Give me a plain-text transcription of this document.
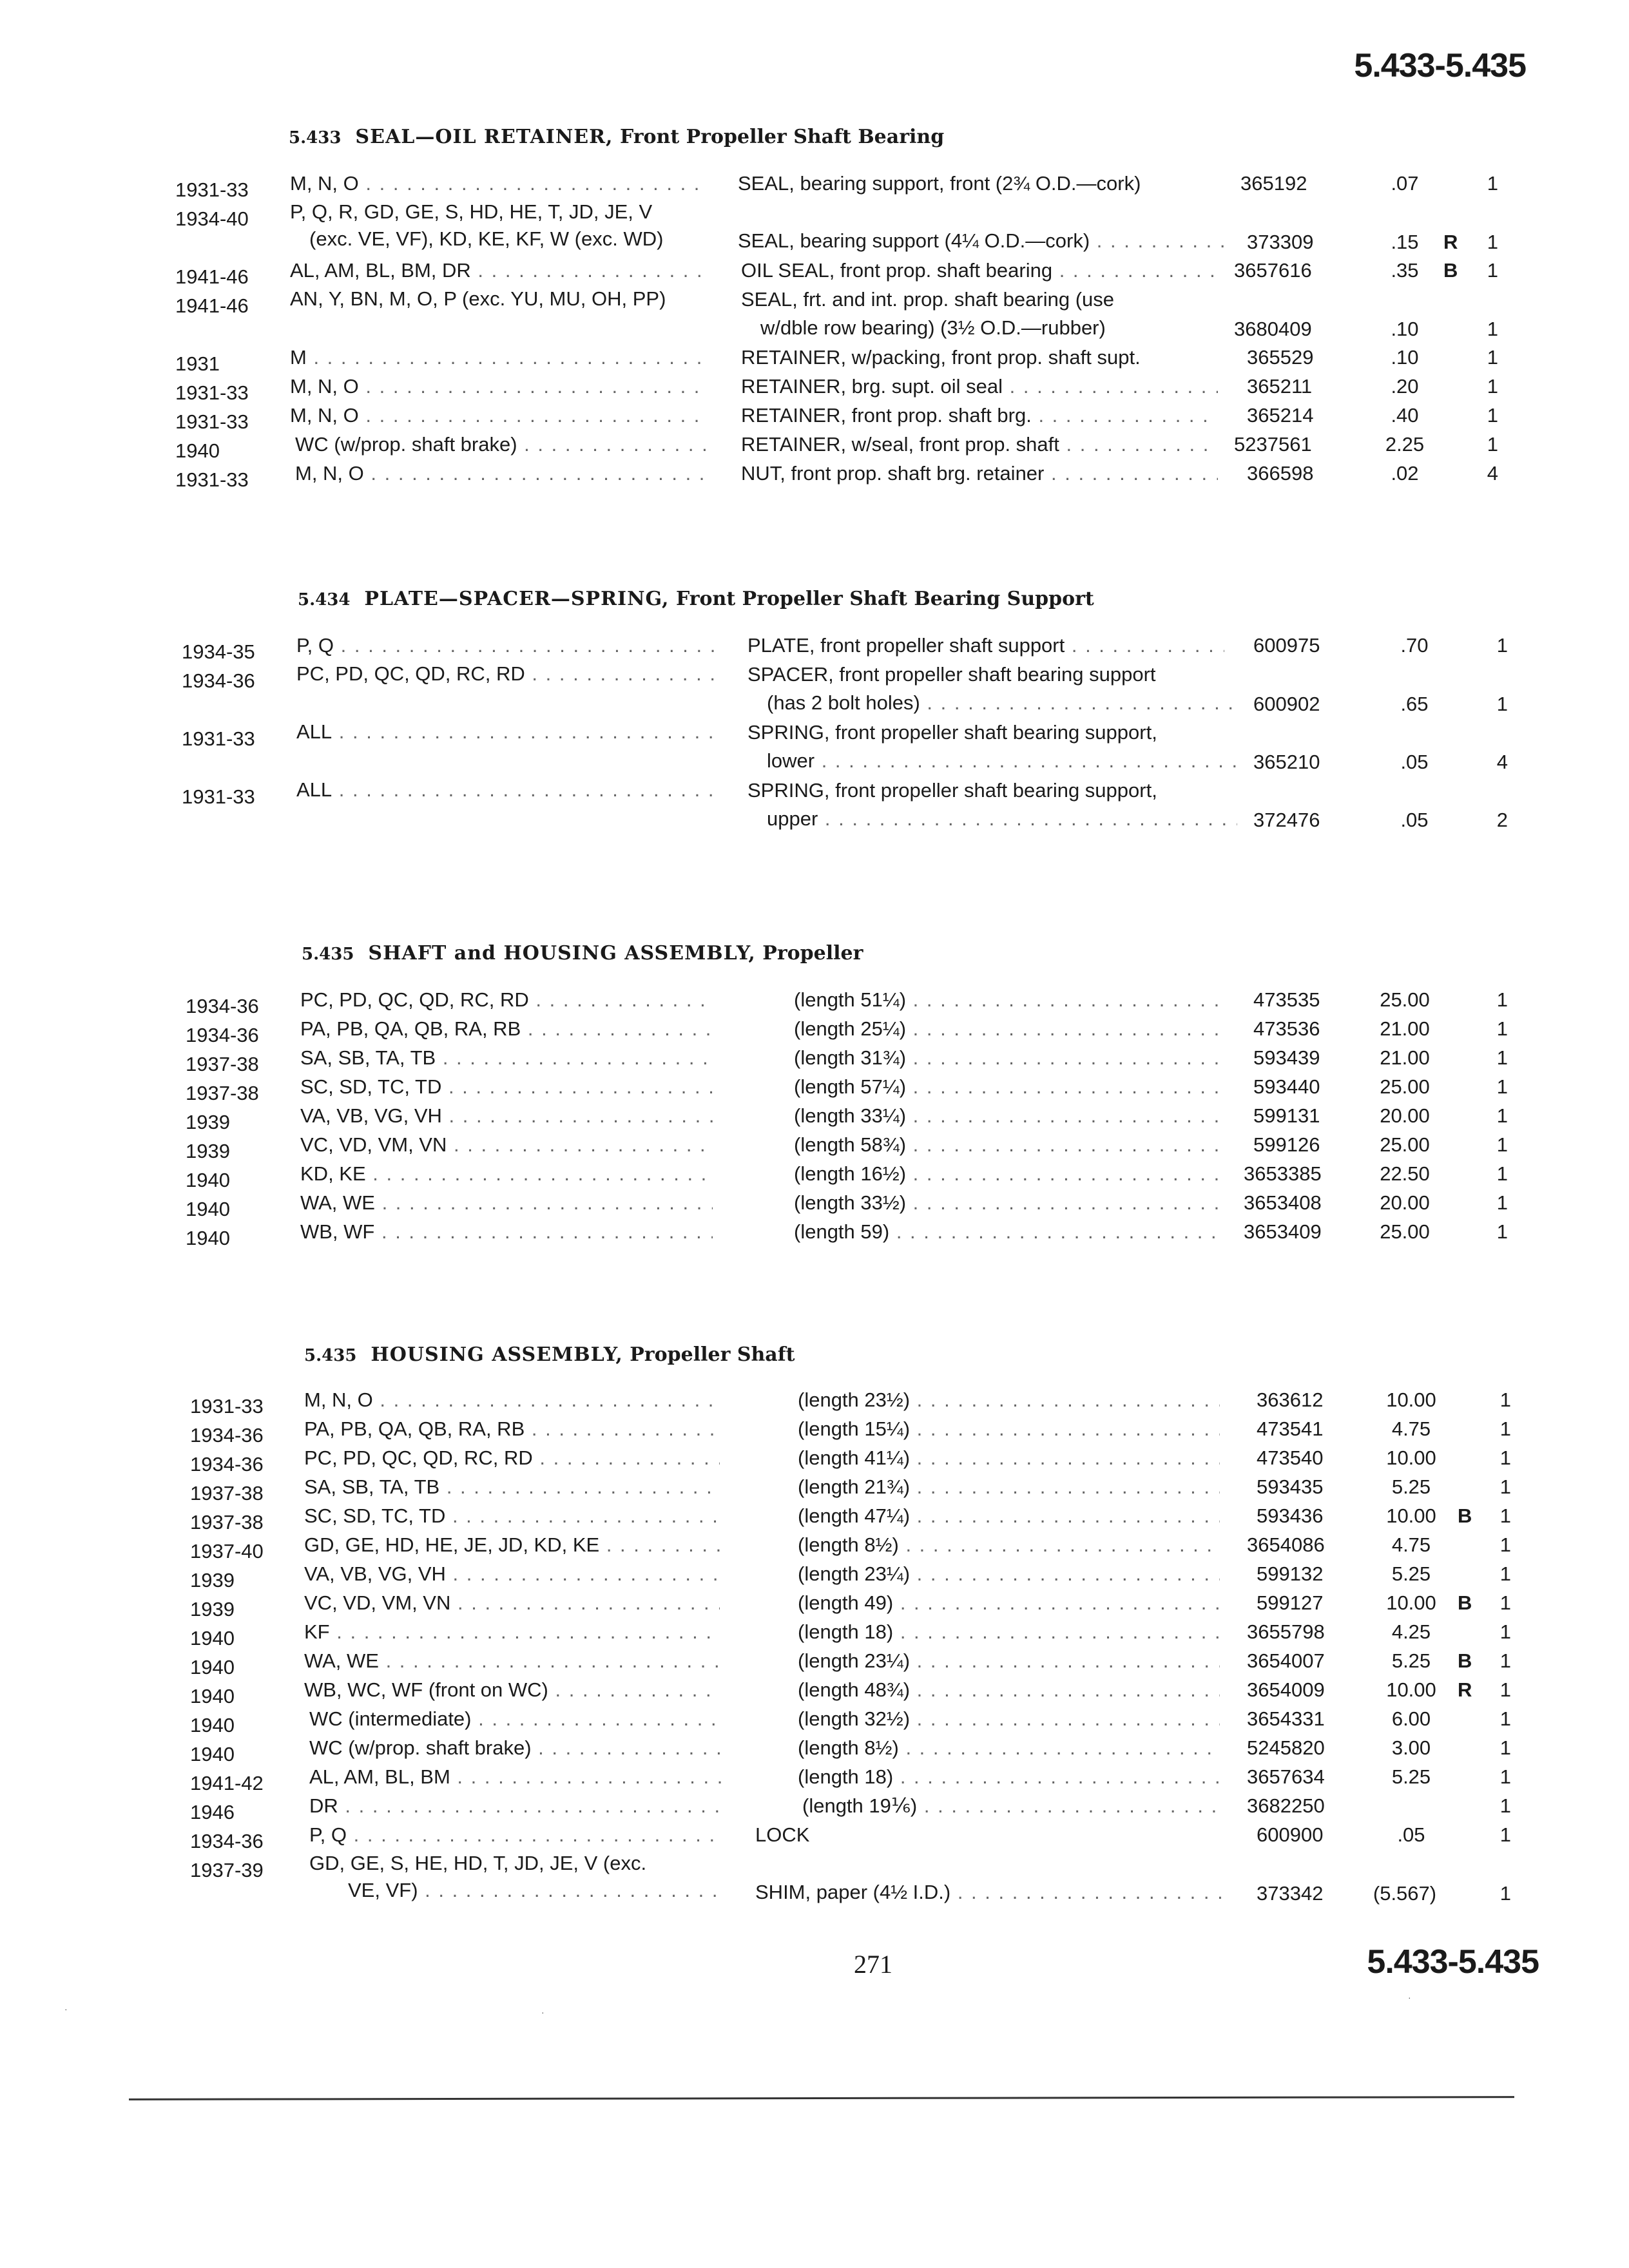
5.433-5.435
5.433 SEAL—OIL RETAINER, Front Propeller Shaft Bearing
1931-33 M, N, O . . .	SEAL, bearing support, front (2¾ O.D.—cork)	365192	.07	1
1934-40 P, Q, R, GD, GE, S, HD, HE, T, JD, JE, V
(exc. VE, VF), KD, KE, KF, W (exc. WD)	SEAL, bearing support (4¼ O.D.—cork) . . .	373309	.15	R	1
1941-46 AL, AM, BL, BM, DR . . .	OIL SEAL, front prop. shaft bearing . . .	3657616	.35	B	1
1941-46 AN, Y, BN, M, O, P (exc. YU, MU, OH, PP)	SEAL, frt. and int. prop. shaft bearing (use
w/dble row bearing) (3½ O.D.—rubber)	3680409	.10	1
1931	M . . .	RETAINER, w/packing, front prop. shaft supt.	365529	.10	1
1931-33 M, N, O . . .	RETAINER, brg. supt. oil seal . . .	365211	.20	1
1931-33 M, N, O . . .	RETAINER, front prop. shaft brg. . . .	365214	.40	1
1940	WC (w/prop. shaft brake) . . .	RETAINER, w/seal, front prop. shaft . . .	5237561	2.25	1
1931-33 M, N, O . . .	NUT, front prop. shaft brg. retainer . . .	366598	.02	4
5.434 PLATE—SPACER—SPRING, Front Propeller Shaft Bearing Support
1934-35 P, Q . . .	PLATE, front propeller shaft support . . .	600975	.70	1
1934-36 PC, PD, QC, QD, RC, RD . . .	SPACER, front propeller shaft bearing support
(has 2 bolt holes) . . .	600902	.65	1
1931-33 ALL . . .	SPRING, front propeller shaft bearing support,
lower . . .	365210	.05	4
1931-33 ALL . . .	SPRING, front propeller shaft bearing support,
upper . . .	372476	.05	2
5.435 SHAFT and HOUSING ASSEMBLY, Propeller
1934-36 PC, PD, QC, QD, RC, RD . . .	(length 51¼) . . .	473535	25.00	1
1934-36 PA, PB, QA, QB, RA, RB . . .	(length 25¼) . . .	473536	21.00	1
1937-38 SA, SB, TA, TB . . .	(length 31¾) . . .	593439	21.00	1
1937-38 SC, SD, TC, TD . . .	(length 57¼) . . .	593440	25.00	1
1939	VA, VB, VG, VH . . .	(length 33¼) . . .	599131	20.00	1
1939	VC, VD, VM, VN . . .	(length 58¾) . . .	599126	25.00	1
1940	KD, KE . . .	(length 16½) . . .	3653385	22.50	1
1940	WA, WE . . .	(length 33½) . . .	3653408	20.00	1
1940	WB, WF . . .	(length 59) . . .	3653409	25.00	1
5.435 HOUSING ASSEMBLY, Propeller Shaft
1931-33 M, N, O . . .	(length 23½) . . .	363612	10.00	1
1934-36 PA, PB, QA, QB, RA, RB . . .	(length 15¼) . . .	473541	4.75	1
1934-36 PC, PD, QC, QD, RC, RD . . .	(length 41¼) . . .	473540	10.00	1
1937-38 SA, SB, TA, TB . . .	(length 21¾) . . .	593435	5.25	1
1937-38 SC, SD, TC, TD . . .	(length 47¼) . . .	593436	10.00	B	1
1937-40 GD, GE, HD, HE, JE, JD, KD, KE . . .	(length 8½) . . .	3654086	4.75	1
1939	VA, VB, VG, VH . . .	(length 23¼) . . .	599132	5.25	1
1939	VC, VD, VM, VN . . .	(length 49) . . .	599127	10.00	B	1
1940	KF . . .	(length 18) . . .	3655798	4.25	1
1940	WA, WE . . .	(length 23¼) . . .	3654007	5.25	B	1
1940	WB, WC, WF (front on WC) . . .	(length 48¾) . . .	3654009	10.00	R	1
1940	WC (intermediate) . . .	(length 32½) . . .	3654331	6.00	1
1940	WC (w/prop. shaft brake) . . .	(length 8½) . . .	5245820	3.00	1
1941-42 AL, AM, BL, BM . . .	(length 18) . . .	3657634	5.25	1
1946	DR . . .	(length 19⅙) . . .	3682250	1
1934-36 P, Q . . .	LOCK	600900	.05	1
1937-39 GD, GE, S, HE, HD, T, JD, JE, V (exc.
VE, VF) . . .	SHIM, paper (4½ I.D.) . . .	373342	(5.567)	1
271	5.433-5.435
·	·
·
